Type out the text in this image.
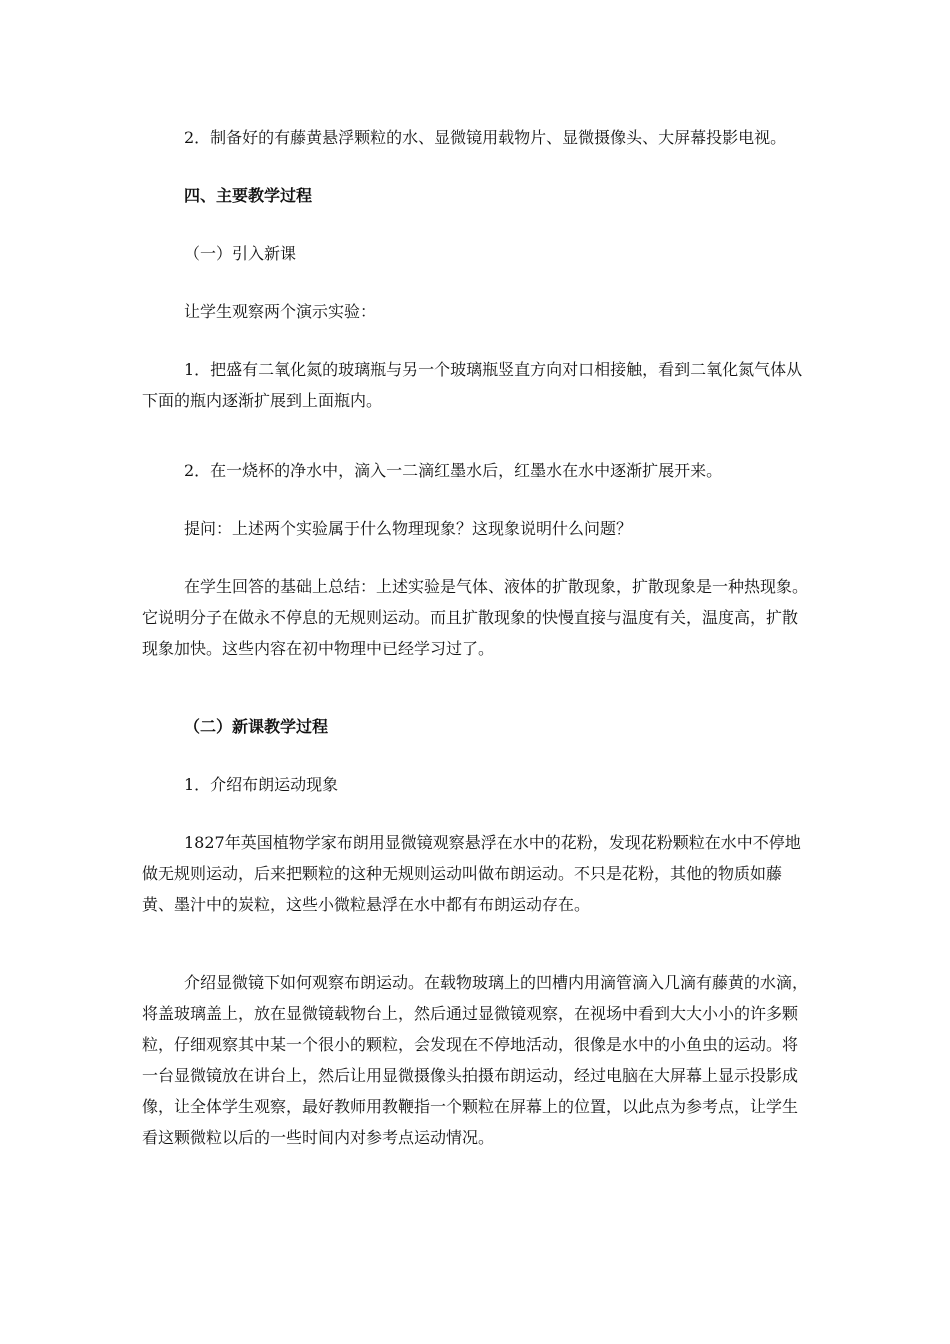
2．制备好的有藤黄悬浮颗粒的水、显微镜用载物片、显微摄像头、大屏幕投影电视。

四、主要教学过程

（一）引入新课

让学生观察两个演示实验：

1．把盛有二氧化氮的玻璃瓶与另一个玻璃瓶竖直方向对口相接触，看到二氧化氮气体从下面的瓶内逐渐扩展到上面瓶内。

2．在一烧杯的净水中，滴入一二滴红墨水后，红墨水在水中逐渐扩展开来。

提问：上述两个实验属于什么物理现象？这现象说明什么问题？

在学生回答的基础上总结：上述实验是气体、液体的扩散现象，扩散现象是一种热现象。它说明分子在做永不停息的无规则运动。而且扩散现象的快慢直接与温度有关，温度高，扩散现象加快。这些内容在初中物理中已经学习过了。

（二）新课教学过程

1．介绍布朗运动现象

1827年英国植物学家布朗用显微镜观察悬浮在水中的花粉，发现花粉颗粒在水中不停地做无规则运动，后来把颗粒的这种无规则运动叫做布朗运动。不只是花粉，其他的物质如藤黄、墨汁中的炭粒，这些小微粒悬浮在水中都有布朗运动存在。

介绍显微镜下如何观察布朗运动。在载物玻璃上的凹槽内用滴管滴入几滴有藤黄的水滴，将盖玻璃盖上，放在显微镜载物台上，然后通过显微镜观察，在视场中看到大大小小的许多颗粒，仔细观察其中某一个很小的颗粒，会发现在不停地活动，很像是水中的小鱼虫的运动。将一台显微镜放在讲台上，然后让用显微摄像头拍摄布朗运动，经过电脑在大屏幕上显示投影成像，让全体学生观察，最好教师用教鞭指一个颗粒在屏幕上的位置，以此点为参考点，让学生看这颗微粒以后的一些时间内对参考点运动情况。
